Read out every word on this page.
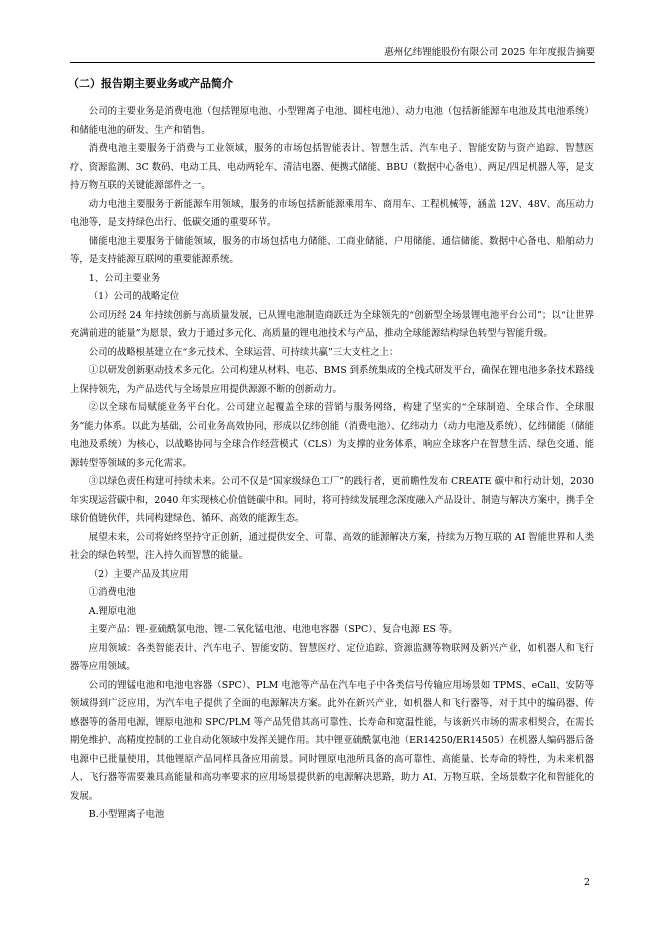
惠州亿纬锂能股份有限公司 2025 年年度报告摘要
（二）报告期主要业务或产品简介

公司的主要业务是消费电池（包括锂原电池、小型锂离子电池、圆柱电池）、动力电池（包括新能源车电池及其电池系统）和储能电池的研发、生产和销售。

消费电池主要服务于消费与工业领域，服务的市场包括智能表计、智慧生活、汽车电子、智能安防与资产追踪、智慧医疗、资源监测、3C 数码、电动工具、电动两轮车、清洁电器、便携式储能、BBU（数据中心备电）、两足/四足机器人等，是支持万物互联的关键能源部件之一。

动力电池主要服务于新能源车用领域，服务的市场包括新能源乘用车、商用车、工程机械等，涵盖 12V、48V、高压动力电池等，是支持绿色出行、低碳交通的重要环节。

储能电池主要服务于储能领域，服务的市场包括电力储能、工商业储能、户用储能、通信储能、数据中心备电、船舶动力等，是支持能源互联网的重要能源系统。

1、公司主要业务

（1）公司的战略定位

公司历经 24 年持续创新与高质量发展，已从锂电池制造商跃迁为全球领先的“创新型全场景锂电池平台公司”；以“让世界充满前进的能量”为愿景，致力于通过多元化、高质量的锂电池技术与产品，推动全球能源结构绿色转型与智能升级。

公司的战略根基建立在“多元技术、全球运营、可持续共赢”三大支柱之上：

①以研发创新驱动技术多元化。公司构建从材料、电芯、BMS 到系统集成的全栈式研发平台，确保在锂电池多条技术路线上保持领先，为产品迭代与全场景应用提供源源不断的创新动力。

②以全球布局赋能业务平台化。公司建立起覆盖全球的营销与服务网络，构建了坚实的“全球制造、全球合作、全球服务”能力体系。以此为基础，公司业务高效协同，形成以亿纬创能（消费电池）、亿纬动力（动力电池及系统）、亿纬储能（储能电池及系统）为核心，以战略协同与全球合作经营模式（CLS）为支撑的业务体系，响应全球客户在智慧生活、绿色交通、能源转型等领域的多元化需求。

③以绿色责任构建可持续未来。公司不仅是“国家级绿色工厂”的践行者，更前瞻性发布 CREATE 碳中和行动计划，2030 年实现运营碳中和，2040 年实现核心价值链碳中和。同时，将可持续发展理念深度融入产品设计、制造与解决方案中，携手全球价值链伙伴，共同构建绿色、循环、高效的能源生态。

展望未来，公司将始终坚持守正创新，通过提供安全、可靠、高效的能源解决方案，持续为万物互联的 AI 智能世界和人类社会的绿色转型，注入持久而智慧的能量。

（2）主要产品及其应用

①消费电池

A.锂原电池

主要产品：锂-亚硫酰氯电池、锂-二氧化锰电池、电池电容器（SPC）、复合电源 ES 等。

应用领域：各类智能表计、汽车电子、智能安防、智慧医疗、定位追踪、资源监测等物联网及新兴产业，如机器人和飞行器等应用领域。

公司的锂锰电池和电池电容器（SPC）、PLM 电池等产品在汽车电子中各类信号传输应用场景如 TPMS、eCall、安防等领域得到广泛应用，为汽车电子提供了全面的电源解决方案。此外在新兴产业，如机器人和飞行器等，对于其中的编码器、传感器等的备用电源，锂原电池和 SPC/PLM 等产品凭借其高可靠性、长寿命和宽温性能，与该新兴市场的需求相契合，在需长期免维护、高精度控制的工业自动化领域中发挥关键作用。其中锂亚硫酰氯电池（ER14250/ER14505）在机器人编码器后备电源中已批量使用，其他锂原产品同样具备应用前景。同时锂原电池所具备的高可靠性、高能量、长寿命的特性，为未来机器人、飞行器等需要兼具高能量和高功率要求的应用场景提供新的电源解决思路，助力 AI、万物互联、全场景数字化和智能化的发展。

B.小型锂离子电池

2
